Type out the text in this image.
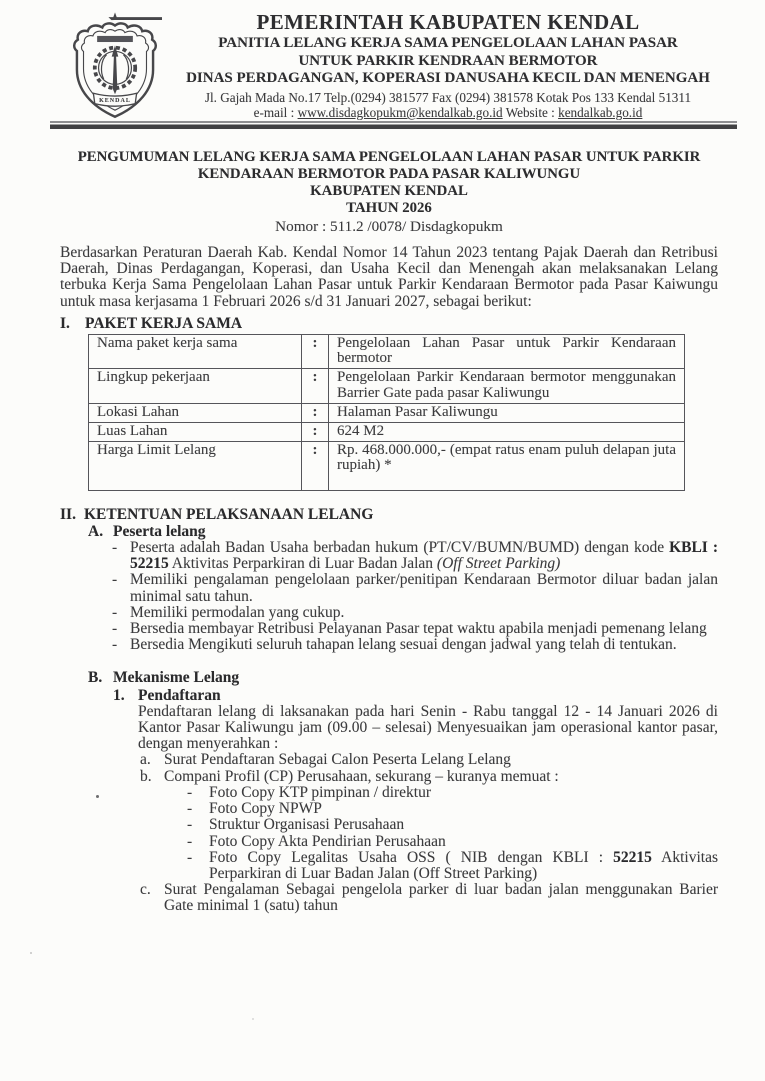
KENDAL
PEMERINTAH KABUPATEN KENDAL
PANITIA LELANG KERJA SAMA PENGELOLAAN LAHAN PASAR
UNTUK PARKIR KENDRAAN BERMOTOR
DINAS PERDAGANGAN, KOPERASI DANUSAHA KECIL DAN MENENGAH
Jl. Gajah Mada No.17 Telp.(0294) 381577 Fax (0294) 381578 Kotak Pos 133 Kendal 51311
e-mail : www.disdagkopukm@kendalkab.go.id Website : kendalkab.go.id
PENGUMUMAN LELANG KERJA SAMA PENGELOLAAN LAHAN PASAR UNTUK PARKIR
KENDARAAN BERMOTOR PADA PASAR KALIWUNGU
KABUPATEN KENDAL
TAHUN 2026
Nomor : 511.2 /0078/ Disdagkopukm
Berdasarkan Peraturan Daerah Kab. Kendal Nomor 14 Tahun 2023 tentang Pajak Daerah dan Retribusi Daerah, Dinas Perdagangan, Koperasi, dan Usaha Kecil dan Menengah akan melaksanakan Lelang terbuka Kerja Sama Pengelolaan Lahan Pasar untuk Parkir Kendaraan Bermotor pada Pasar Kaiwungu untuk masa kerjasama 1 Februari 2026 s/d 31 Januari 2027, sebagai berikut:
I. PAKET KERJA SAMA
Nama paket kerja sama	:	Pengelolaan Lahan Pasar untuk Parkir Kendaraan bermotor
Lingkup pekerjaan	:	Pengelolaan Parkir Kendaraan bermotor menggunakan Barrier Gate pada pasar Kaliwungu
Lokasi Lahan	:	Halaman Pasar Kaliwungu
Luas Lahan	:	624 M2
Harga Limit Lelang	:	Rp. 468.000.000,- (empat ratus enam puluh delapan juta rupiah) *
II. KETENTUAN PELAKSANAAN LELANG
A. Peserta lelang
- Peserta adalah Badan Usaha berbadan hukum (PT/CV/BUMN/BUMD) dengan kode KBLI : 52215 Aktivitas Perparkiran di Luar Badan Jalan (Off Street Parking)
- Memiliki pengalaman pengelolaan parker/penitipan Kendaraan Bermotor diluar badan jalan minimal satu tahun.
- Memiliki permodalan yang cukup.
- Bersedia membayar Retribusi Pelayanan Pasar tepat waktu apabila menjadi pemenang lelang
- Bersedia Mengikuti seluruh tahapan lelang sesuai dengan jadwal yang telah di tentukan.
B. Mekanisme Lelang
1. Pendaftaran
Pendaftaran lelang di laksanakan pada hari Senin - Rabu tanggal 12 - 14 Januari 2026 di Kantor Pasar Kaliwungu jam (09.00 – selesai) Menyesuaikan jam operasional kantor pasar, dengan menyerahkan :
a. Surat Pendaftaran Sebagai Calon Peserta Lelang Lelang
b. Compani Profil (CP) Perusahaan, sekurang – kuranya memuat :
-	Foto Copy KTP pimpinan / direktur
-	Foto Copy NPWP
-	Struktur Organisasi Perusahaan
-	Foto Copy Akta Pendirian Perusahaan
-	Foto Copy Legalitas Usaha OSS ( NIB dengan KBLI : 52215 Aktivitas Perparkiran di Luar Badan Jalan (Off Street Parking)
c. Surat Pengalaman Sebagai pengelola parker di luar badan jalan menggunakan Barier Gate minimal 1 (satu) tahun
